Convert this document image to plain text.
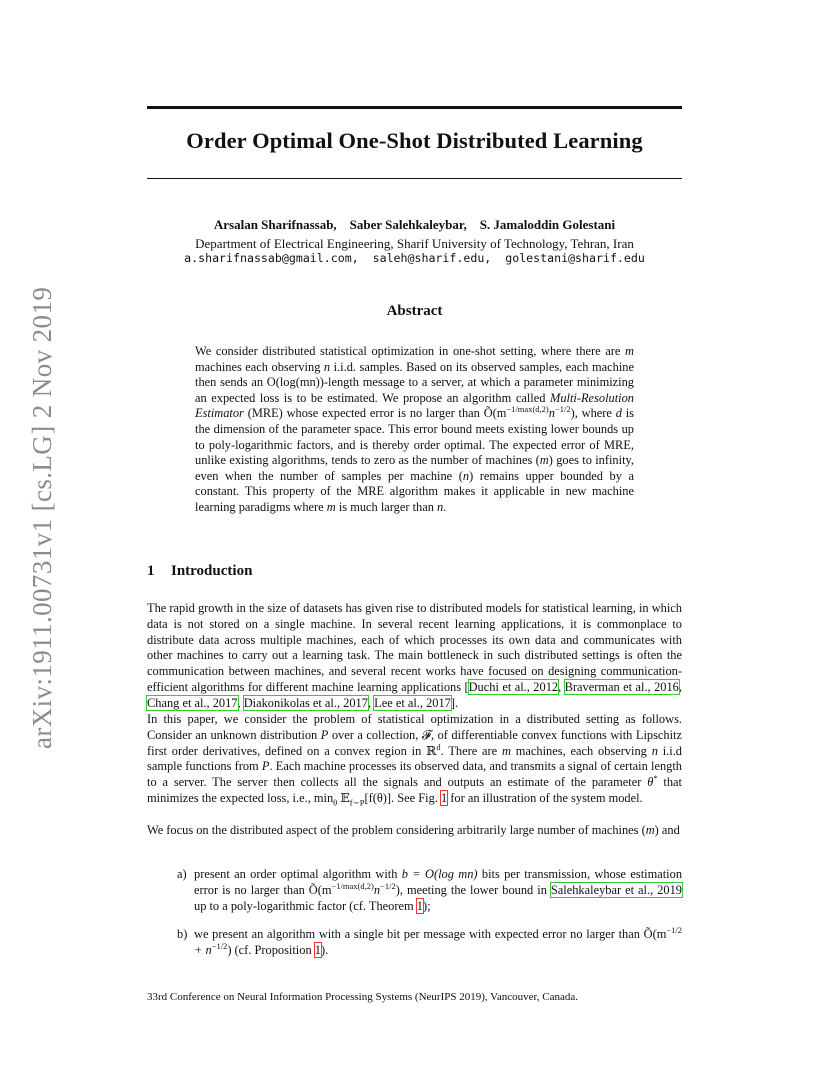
arXiv:1911.00731v1 [cs.LG] 2 Nov 2019
Order Optimal One-Shot Distributed Learning
Arsalan Sharifnassab,    Saber Salehkaleybar,    S. Jamaloddin Golestani
Department of Electrical Engineering, Sharif University of Technology, Tehran, Iran
a.sharifnassab@gmail.com,  saleh@sharif.edu,  golestani@sharif.edu
Abstract
We consider distributed statistical optimization in one-shot setting, where there are m machines each observing n i.i.d. samples. Based on its observed samples, each machine then sends an O(log(mn))-length message to a server, at which a parameter minimizing an expected loss is to be estimated. We propose an algorithm called Multi-Resolution Estimator (MRE) whose expected error is no larger than $Õ(m^{-1/max(d,2)}n^{-1/2})$, where d is the dimension of the parameter space. This error bound meets existing lower bounds up to poly-logarithmic factors, and is thereby order optimal. The expected error of MRE, unlike existing algorithms, tends to zero as the number of machines (m) goes to infinity, even when the number of samples per machine (n) remains upper bounded by a constant. This property of the MRE algorithm makes it applicable in new machine learning paradigms where m is much larger than n.
1 Introduction
The rapid growth in the size of datasets has given rise to distributed models for statistical learning, in which data is not stored on a single machine. In several recent learning applications, it is commonplace to distribute data across multiple machines, each of which processes its own data and communicates with other machines to carry out a learning task. The main bottleneck in such distributed settings is often the communication between machines, and several recent works have focused on designing communication-efficient algorithms for different machine learning applications [Duchi et al., 2012, Braverman et al., 2016, Chang et al., 2017, Diakonikolas et al., 2017, Lee et al., 2017].
In this paper, we consider the problem of statistical optimization in a distributed setting as follows. Consider an unknown distribution P over a collection, 𝓕, of differentiable convex functions with Lipschitz first order derivatives, defined on a convex region in ℝ$^d$. There are m machines, each observing n i.i.d sample functions from P. Each machine processes its observed data, and transmits a signal of certain length to a server. The server then collects all the signals and outputs an estimate of the parameter θ* that minimizes the expected loss, i.e., $\min_\theta$ 𝔼$_{f\sim P}$[f(θ)]. See Fig. 1 for an illustration of the system model.
We focus on the distributed aspect of the problem considering arbitrarily large number of machines (m) and
a) present an order optimal algorithm with b = O(log mn) bits per transmission, whose estimation error is no larger than $Õ(m^{-1/max(d,2)}n^{-1/2})$, meeting the lower bound in Salehkaleybar et al., 2019 up to a poly-logarithmic factor (cf. Theorem 1);
b) we present an algorithm with a single bit per message with expected error no larger than $Õ(m^{-1/2} + n^{-1/2})$ (cf. Proposition 1).
33rd Conference on Neural Information Processing Systems (NeurIPS 2019), Vancouver, Canada.
